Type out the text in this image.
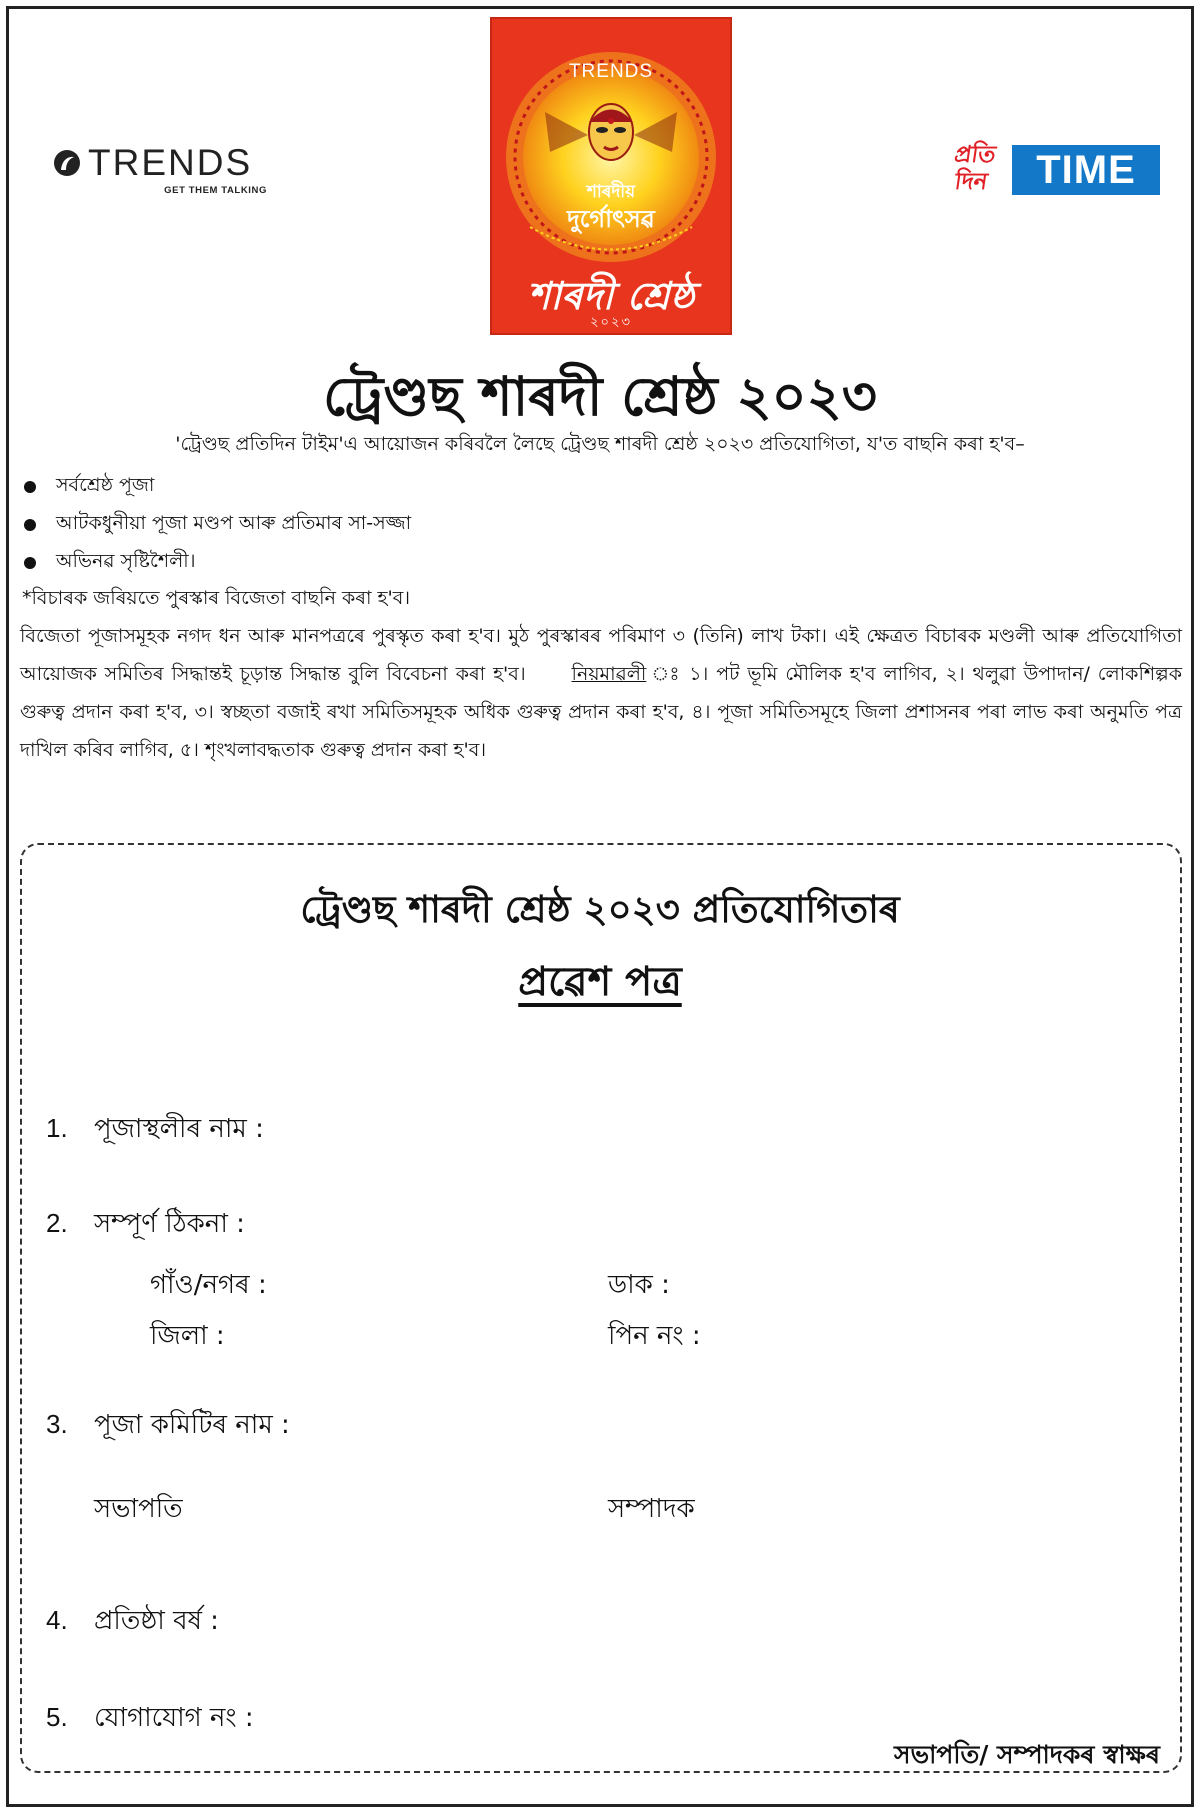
TRENDS
GET THEM TALKING
TRENDS
শাৰদীয়
দুৰ্গোৎসৱ
শাৰদী শ্ৰেষ্ঠ
২০২৩
প্ৰতি
দিন	TIME
ট্ৰেণ্ডছ শাৰদী শ্ৰেষ্ঠ ২০২৩
'ট্ৰেণ্ডছ প্ৰতিদিন টাইম'এ আয়োজন কৰিবলৈ লৈছে ট্ৰেণ্ডছ শাৰদী শ্ৰেষ্ঠ ২০২৩ প্ৰতিযোগিতা, য'ত বাছনি কৰা হ'ব–
সৰ্বশ্ৰেষ্ঠ পূজা
আটকধুনীয়া পূজা মণ্ডপ আৰু প্ৰতিমাৰ সা-সজ্জা
অভিনৱ সৃষ্টিশৈলী।
*বিচাৰক জৰিয়তে পুৰস্কাৰ বিজেতা বাছনি কৰা হ'ব।
বিজেতা পূজাসমূহক নগদ ধন আৰু মানপত্ৰৰে পুৰস্কৃত কৰা হ'ব। মুঠ পুৰস্কাৰৰ পৰিমাণ ৩ (তিনি) লাখ টকা। এই ক্ষেত্ৰত বিচাৰক মণ্ডলী আৰু প্ৰতিযোগিতা আয়োজক সমিতিৰ সিদ্ধান্তই চূড়ান্ত সিদ্ধান্ত বুলি বিবেচনা কৰা হ'ব। নিয়মাৱলী ঃ ১। পট ভূমি মৌলিক হ'ব লাগিব, ২। থলুৱা উপাদান/ লোকশিল্পক গুৰুত্ব প্ৰদান কৰা হ'ব, ৩। স্বচ্ছতা বজাই ৰখা সমিতিসমূহক অধিক গুৰুত্ব প্ৰদান কৰা হ'ব, ৪। পূজা সমিতিসমূহে জিলা প্ৰশাসনৰ পৰা লাভ কৰা অনুমতি পত্ৰ দাখিল কৰিব লাগিব, ৫। শৃংখলাবদ্ধতাক গুৰুত্ব প্ৰদান কৰা হ'ব।
ট্ৰেণ্ডছ শাৰদী শ্ৰেষ্ঠ ২০২৩ প্ৰতিযোগিতাৰ
প্ৰৱেশ পত্ৰ
1. পূজাস্থলীৰ নাম :
2. সম্পূৰ্ণ ঠিকনা :
গাঁও/নগৰ :	ডাক :
জিলা :	পিন নং :
3. পূজা কমিটিৰ নাম :
সভাপতি	সম্পাদক
4. প্ৰতিষ্ঠা বৰ্ষ :
5. যোগাযোগ নং :
সভাপতি/ সম্পাদকৰ স্বাক্ষৰ
